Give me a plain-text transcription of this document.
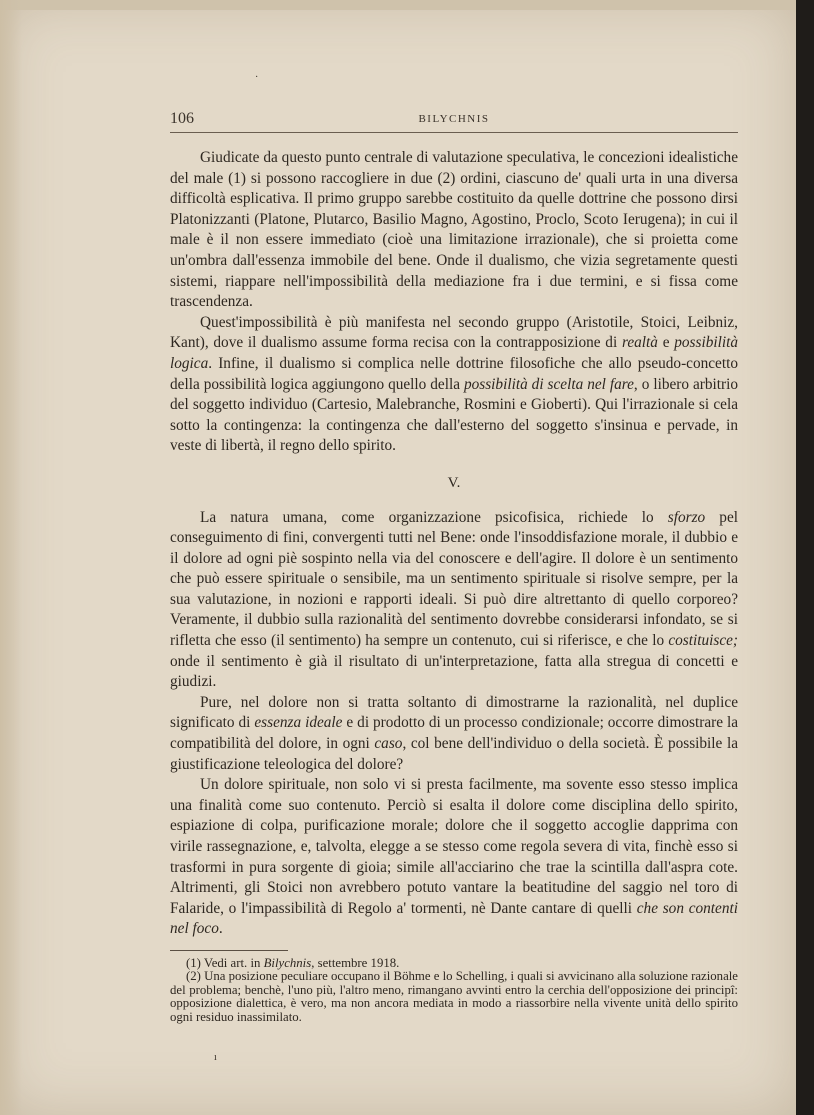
·
ı
106	BILYCHNIS

Giudicate da questo punto centrale di valutazione speculativa, le concezioni idealistiche del male (1) si possono raccogliere in due (2) ordini, ciascuno de' quali urta in una diversa difficoltà esplicativa. Il primo gruppo sarebbe costituito da quelle dottrine che possono dirsi Platonizzanti (Platone, Plutarco, Basilio Magno, Agostino, Proclo, Scoto Ierugena); in cui il male è il non essere immediato (cioè una limitazione irrazionale), che si proietta come un'ombra dall'essenza immobile del bene. Onde il dualismo, che vizia segretamente questi sistemi, riappare nell'impossibilità della mediazione fra i due termini, e si fissa come trascendenza.

Quest'impossibilità è più manifesta nel secondo gruppo (Aristotile, Stoici, Leibniz, Kant), dove il dualismo assume forma recisa con la contrapposizione di realtà e possibilità logica. Infine, il dualismo si complica nelle dottrine filosofiche che allo pseudo-concetto della possibilità logica aggiungono quello della possibilità di scelta nel fare, o libero arbitrio del soggetto individuo (Cartesio, Malebranche, Rosmini e Gioberti). Qui l'irrazionale si cela sotto la contingenza: la contingenza che dall'esterno del soggetto s'insinua e pervade, in veste di libertà, il regno dello spirito.

V.

La natura umana, come organizzazione psicofisica, richiede lo sforzo pel conseguimento di fini, convergenti tutti nel Bene: onde l'insoddisfazione morale, il dubbio e il dolore ad ogni piè sospinto nella via del conoscere e dell'agire. Il dolore è un sentimento che può essere spirituale o sensibile, ma un sentimento spirituale si risolve sempre, per la sua valutazione, in nozioni e rapporti ideali. Si può dire altrettanto di quello corporeo? Veramente, il dubbio sulla razionalità del sentimento dovrebbe considerarsi infondato, se si rifletta che esso (il sentimento) ha sempre un contenuto, cui si riferisce, e che lo costituisce; onde il sentimento è già il risultato di un'interpretazione, fatta alla stregua di concetti e giudizi.

Pure, nel dolore non si tratta soltanto di dimostrarne la razionalità, nel duplice significato di essenza ideale e di prodotto di un processo condizionale; occorre dimostrare la compatibilità del dolore, in ogni caso, col bene dell'individuo o della società. È possibile la giustificazione teleologica del dolore?

Un dolore spirituale, non solo vi si presta facilmente, ma sovente esso stesso implica una finalità come suo contenuto. Perciò si esalta il dolore come disciplina dello spirito, espiazione di colpa, purificazione morale; dolore che il soggetto accoglie dapprima con virile rassegnazione, e, talvolta, elegge a se stesso come regola severa di vita, finchè esso si trasformi in pura sorgente di gioia; simile all'acciarino che trae la scintilla dall'aspra cote. Altrimenti, gli Stoici non avrebbero potuto vantare la beatitudine del saggio nel toro di Falaride, o l'impassibilità di Regolo a' tormenti, nè Dante cantare di quelli che son contenti nel foco.

(1) Vedi art. in Bilychnis, settembre 1918.

(2) Una posizione peculiare occupano il Böhme e lo Schelling, i quali si avvicinano alla soluzione razionale del problema; benchè, l'uno più, l'altro meno, rimangano avvinti entro la cerchia dell'opposizione dei principî: opposizione dialettica, è vero, ma non ancora mediata in modo a riassorbire nella vivente unità dello spirito ogni residuo inassimilato.
